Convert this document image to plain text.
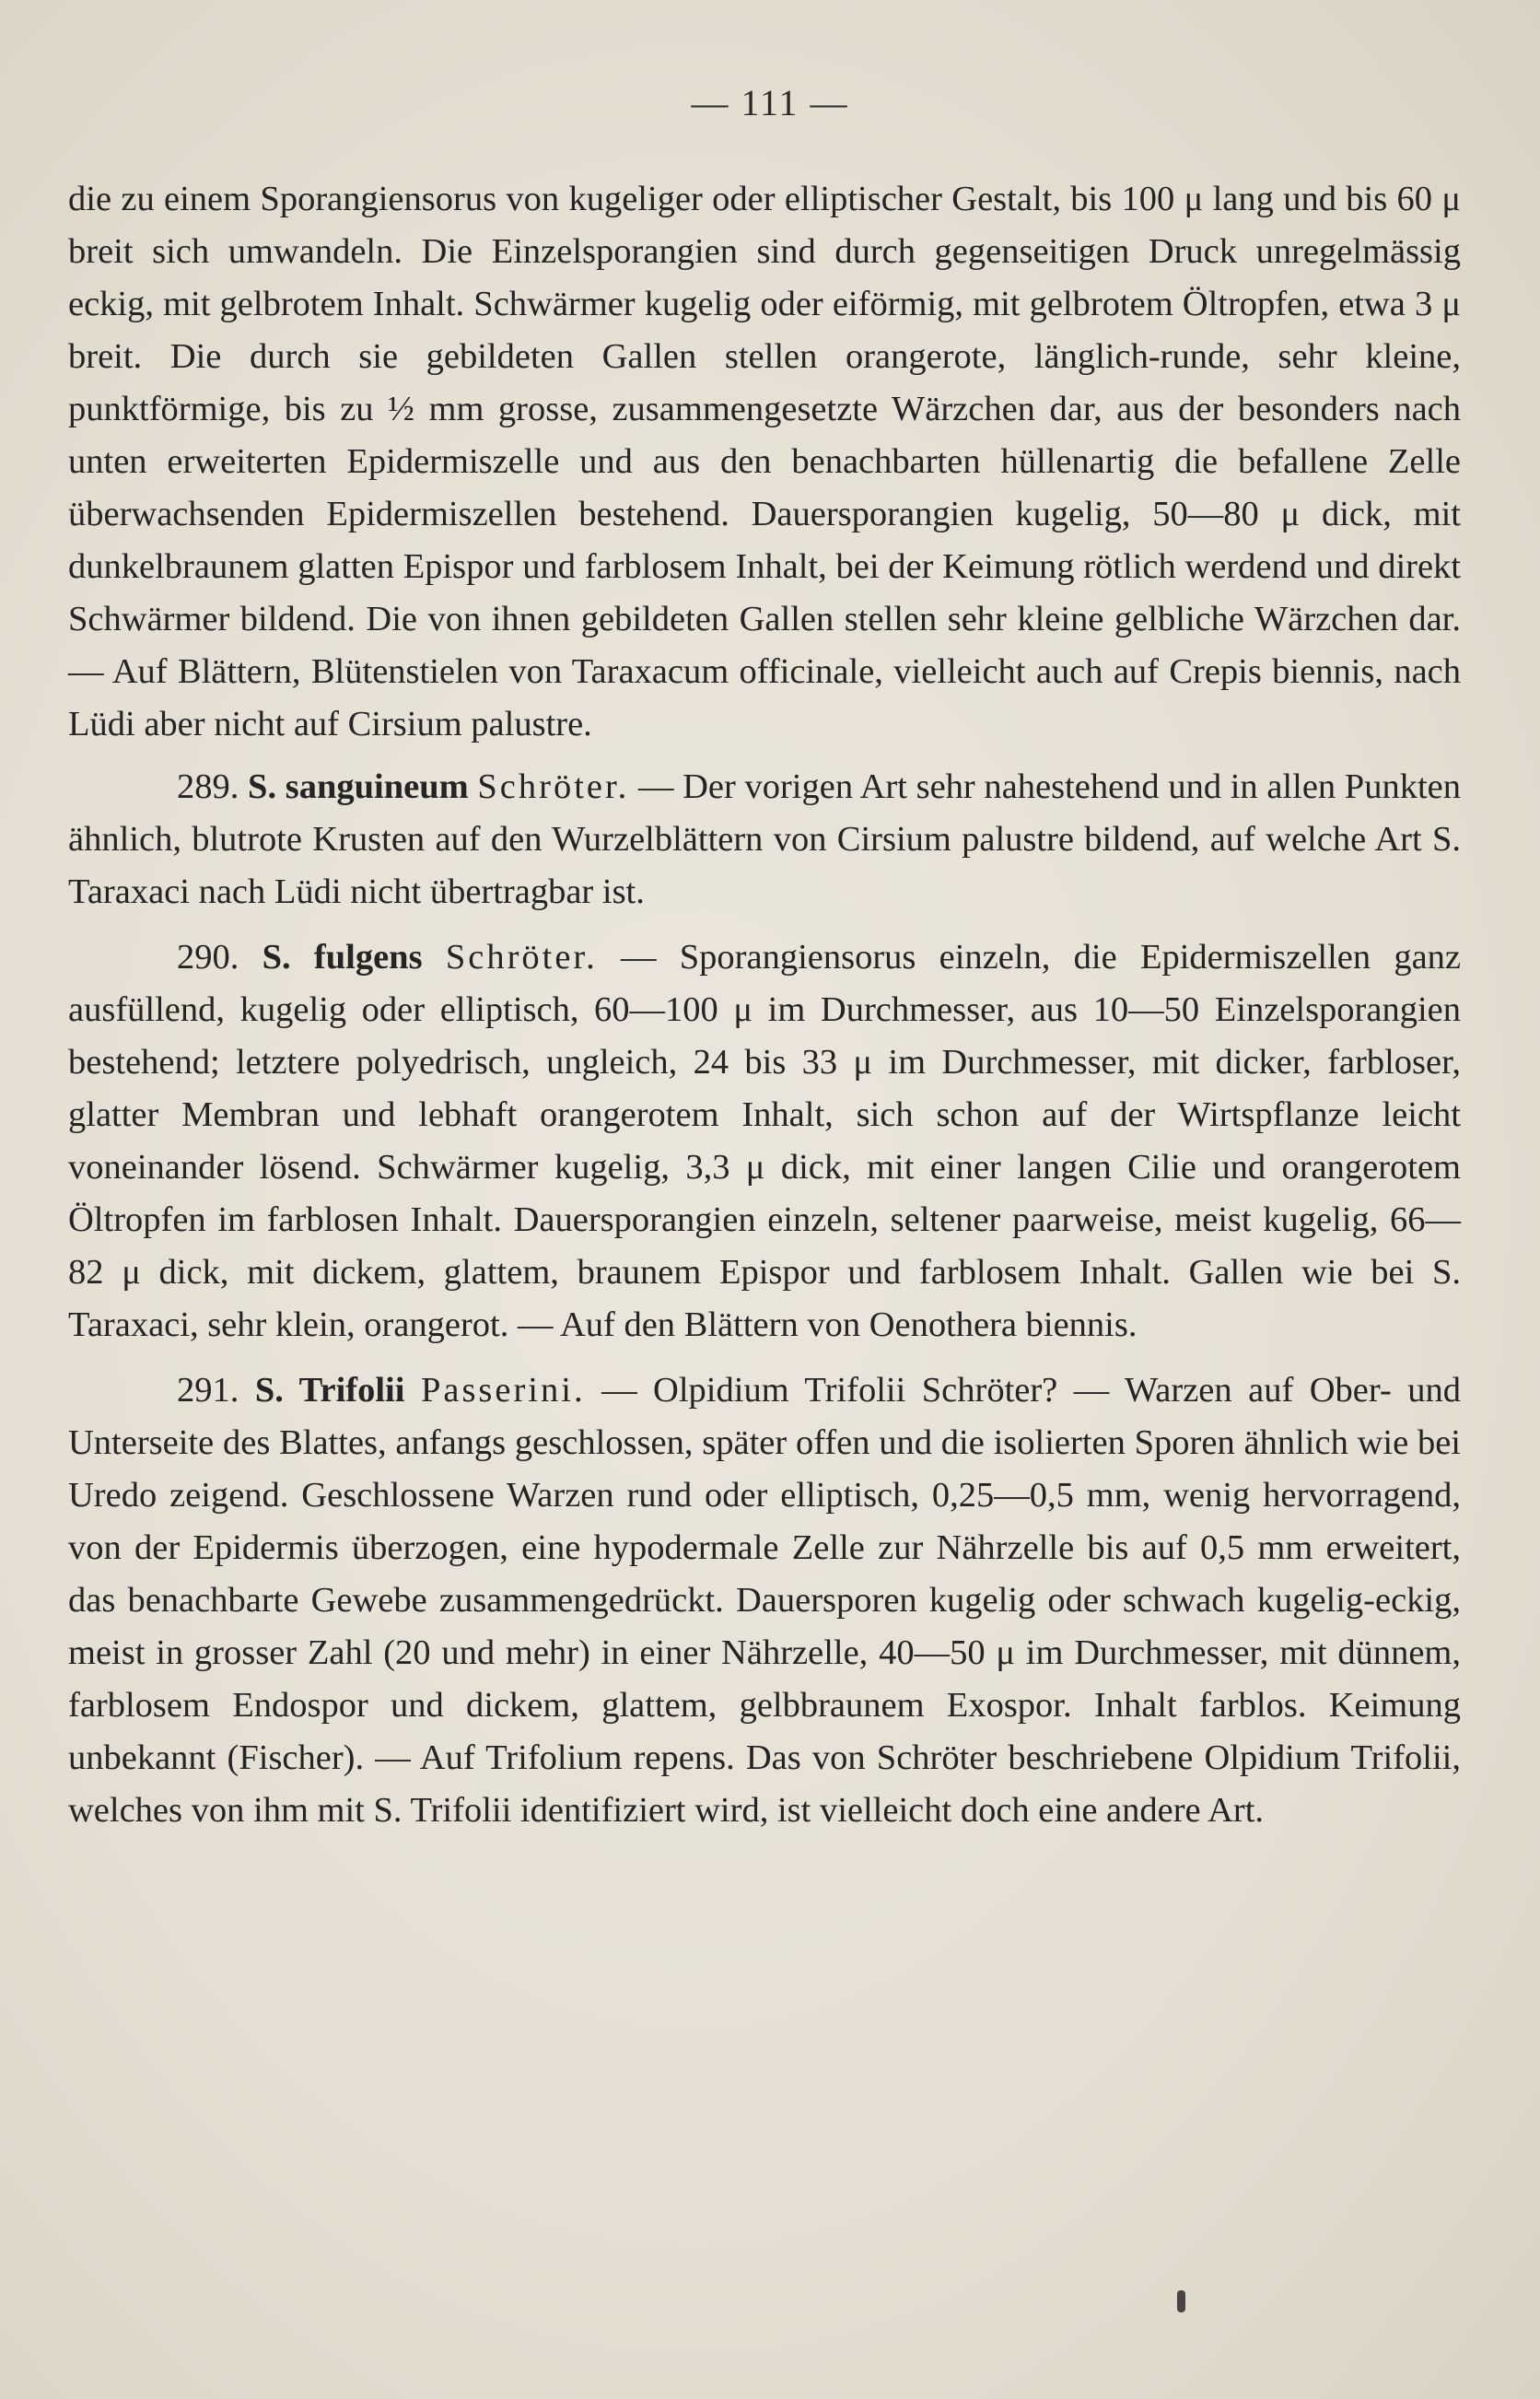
— 111 —

die zu einem Sporangiensorus von kugeliger oder elliptischer Gestalt, bis 100 μ lang und bis 60 μ breit sich umwandeln. Die Einzelsporangien sind durch gegenseitigen Druck unregelmässig eckig, mit gelbrotem Inhalt. Schwärmer kugelig oder eiförmig, mit gelbrotem Öltropfen, etwa 3 μ breit. Die durch sie gebildeten Gallen stellen orangerote, länglich-runde, sehr kleine, punktförmige, bis zu ½ mm grosse, zusammengesetzte Wärzchen dar, aus der besonders nach unten erweiterten Epidermiszelle und aus den benachbarten hüllenartig die befallene Zelle überwachsenden Epidermiszellen bestehend. Dauersporangien kugelig, 50—80 μ dick, mit dunkelbraunem glatten Epispor und farblosem Inhalt, bei der Keimung rötlich werdend und direkt Schwärmer bildend. Die von ihnen gebildeten Gallen stellen sehr kleine gelbliche Wärzchen dar. — Auf Blättern, Blütenstielen von Taraxacum officinale, vielleicht auch auf Crepis biennis, nach Lüdi aber nicht auf Cirsium palustre.

289. S. sanguineum Schröter. — Der vorigen Art sehr nahestehend und in allen Punkten ähnlich, blutrote Krusten auf den Wurzelblättern von Cirsium palustre bildend, auf welche Art S. Taraxaci nach Lüdi nicht übertragbar ist.

290. S. fulgens Schröter. — Sporangiensorus einzeln, die Epidermiszellen ganz ausfüllend, kugelig oder elliptisch, 60—100 μ im Durchmesser, aus 10—50 Einzelsporangien bestehend; letztere polyedrisch, ungleich, 24 bis 33 μ im Durchmesser, mit dicker, farbloser, glatter Membran und lebhaft orangerotem Inhalt, sich schon auf der Wirtspflanze leicht voneinander lösend. Schwärmer kugelig, 3,3 μ dick, mit einer langen Cilie und orangerotem Öltropfen im farblosen Inhalt. Dauersporangien einzeln, seltener paarweise, meist kugelig, 66—82 μ dick, mit dickem, glattem, braunem Epispor und farblosem Inhalt. Gallen wie bei S. Taraxaci, sehr klein, orangerot. — Auf den Blättern von Oenothera biennis.

291. S. Trifolii Passerini. — Olpidium Trifolii Schröter? — Warzen auf Ober- und Unterseite des Blattes, anfangs geschlossen, später offen und die isolierten Sporen ähnlich wie bei Uredo zeigend. Geschlossene Warzen rund oder elliptisch, 0,25—0,5 mm, wenig hervorragend, von der Epidermis überzogen, eine hypodermale Zelle zur Nährzelle bis auf 0,5 mm erweitert, das benachbarte Gewebe zusammengedrückt. Dauersporen kugelig oder schwach kugelig-eckig, meist in grosser Zahl (20 und mehr) in einer Nährzelle, 40—50 μ im Durchmesser, mit dünnem, farblosem Endospor und dickem, glattem, gelbbraunem Exospor. Inhalt farblos. Keimung unbekannt (Fischer). — Auf Trifolium repens. Das von Schröter beschriebene Olpidium Trifolii, welches von ihm mit S. Trifolii identifiziert wird, ist vielleicht doch eine andere Art.
